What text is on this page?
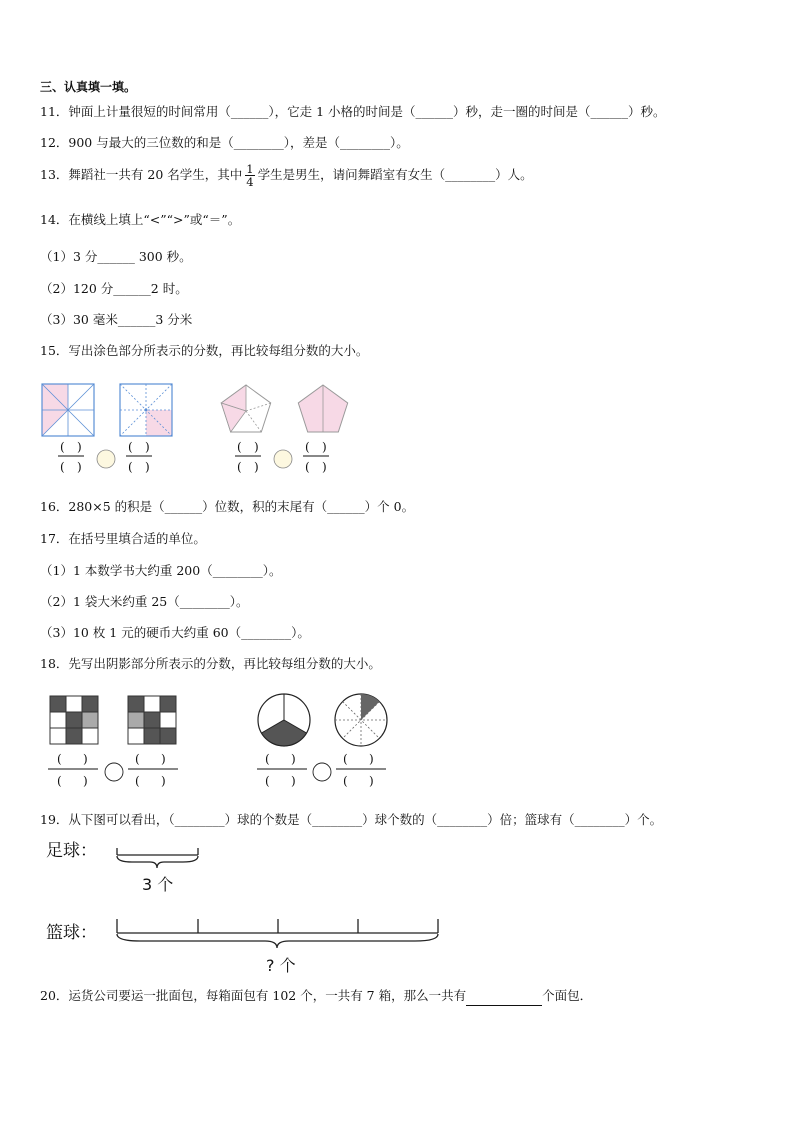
三、认真填一填。
11．钟面上计量很短的时间常用（______），它走 1 小格的时间是（______）秒，走一圈的时间是（______）秒。
12．900 与最大的三位数的和是（________），差是（________）。
13．舞蹈社一共有 20 名学生，其中 $\frac{1}{4}$ 学生是男生，请问舞蹈室有女生（________）人。
14．在横线上填上“<”“>”或“＝”。
（1）3 分______ 300 秒。
（2）120 分______2 时。
（3）30 毫米______3 分米
15．写出涂色部分所表示的分数，再比较每组分数的大小。
( )
( )
( )
( )
( )
( )
( )
( )
16．280×5 的积是（______）位数，积的末尾有（______）个 0。
17．在括号里填合适的单位。
（1）1 本数学书大约重 200（________）。
（2）1 袋大米约重 25（________）。
（3）10 枚 1 元的硬币大约重 60（________）。
18．先写出阴影部分所表示的分数，再比较每组分数的大小。
( )
( )
( )
( )
( )
( )
( )
( )
19．从下图可以看出，（________）球的个数是（________）球个数的（________）倍；篮球有（________）个。
足球：
3 个
篮球：
? 个
20．运货公司要运一批面包，每箱面包有 102 个，一共有 7 箱，那么一共有	个面包．
